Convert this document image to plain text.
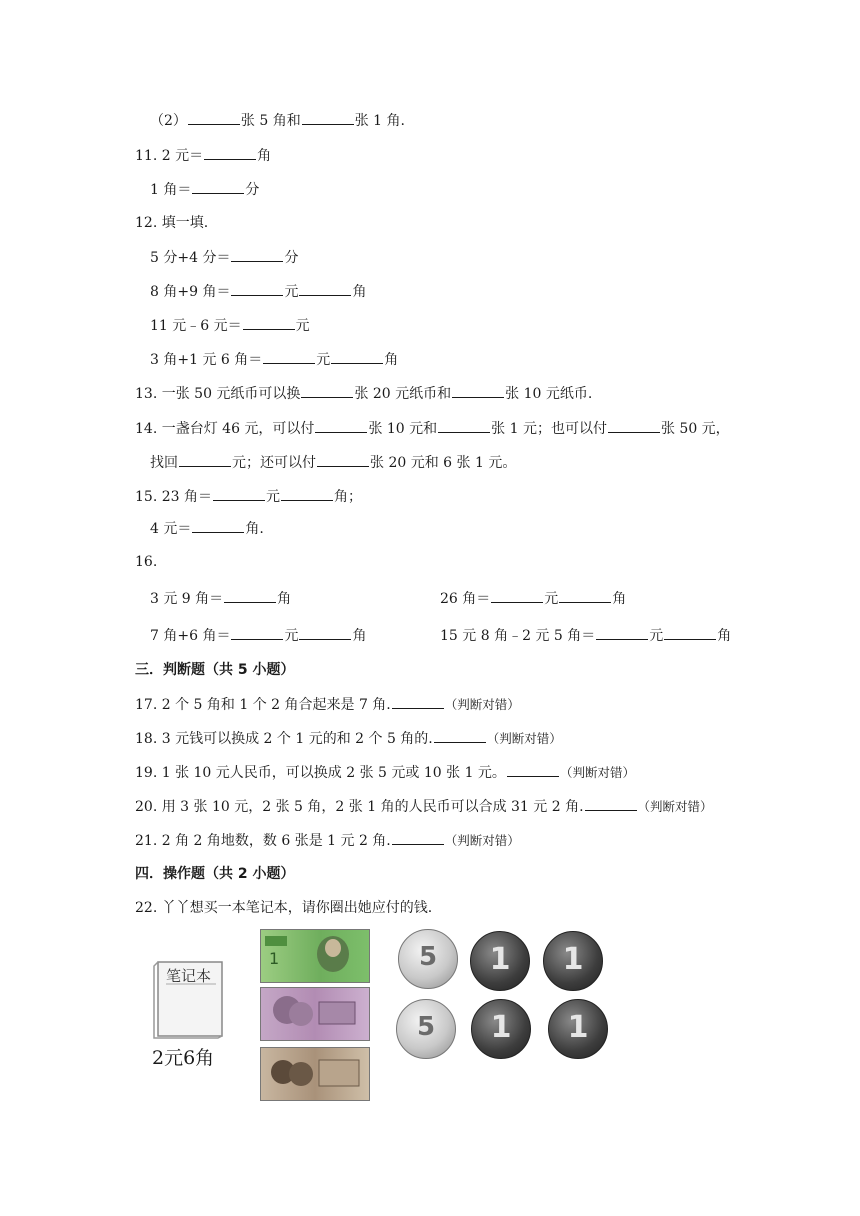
（2）	张 5 角和	张 1 角.
11. 2 元＝	角
1 角＝	分
12. 填一填.
5 分+4 分＝	分
8 角+9 角＝	元	角
11 元﹣6 元＝	元
3 角+1 元 6 角＝	元	角
13. 一张 50 元纸币可以换	张 20 元纸币和	张 10 元纸币.
14. 一盏台灯 46 元，可以付	张 10 元和	张 1 元；也可以付	张 50 元，
找回	元；还可以付	张 20 元和 6 张 1 元。
15. 23 角＝	元	角；
4 元＝	角.
16.
3 元 9 角＝	角	26 角＝	元	角
7 角+6 角＝	元	角	15 元 8 角﹣2 元 5 角＝	元	角
三．判断题（共 5 小题）
17. 2 个 5 角和 1 个 2 角合起来是 7 角.	（判断对错）
18. 3 元钱可以换成 2 个 1 元的和 2 个 5 角的.	（判断对错）
19. 1 张 10 元人民币，可以换成 2 张 5 元或 10 张 1 元。	（判断对错）
20. 用 3 张 10 元，2 张 5 角，2 张 1 角的人民币可以合成 31 元 2 角.	（判断对错）
21. 2 角 2 角地数，数 6 张是 1 元 2 角.	（判断对错）
四．操作题（共 2 小题）
22. 丫丫想买一本笔记本，请你圈出她应付的钱.
笔记本
2元6角
1	5	1	1
5	1	1
